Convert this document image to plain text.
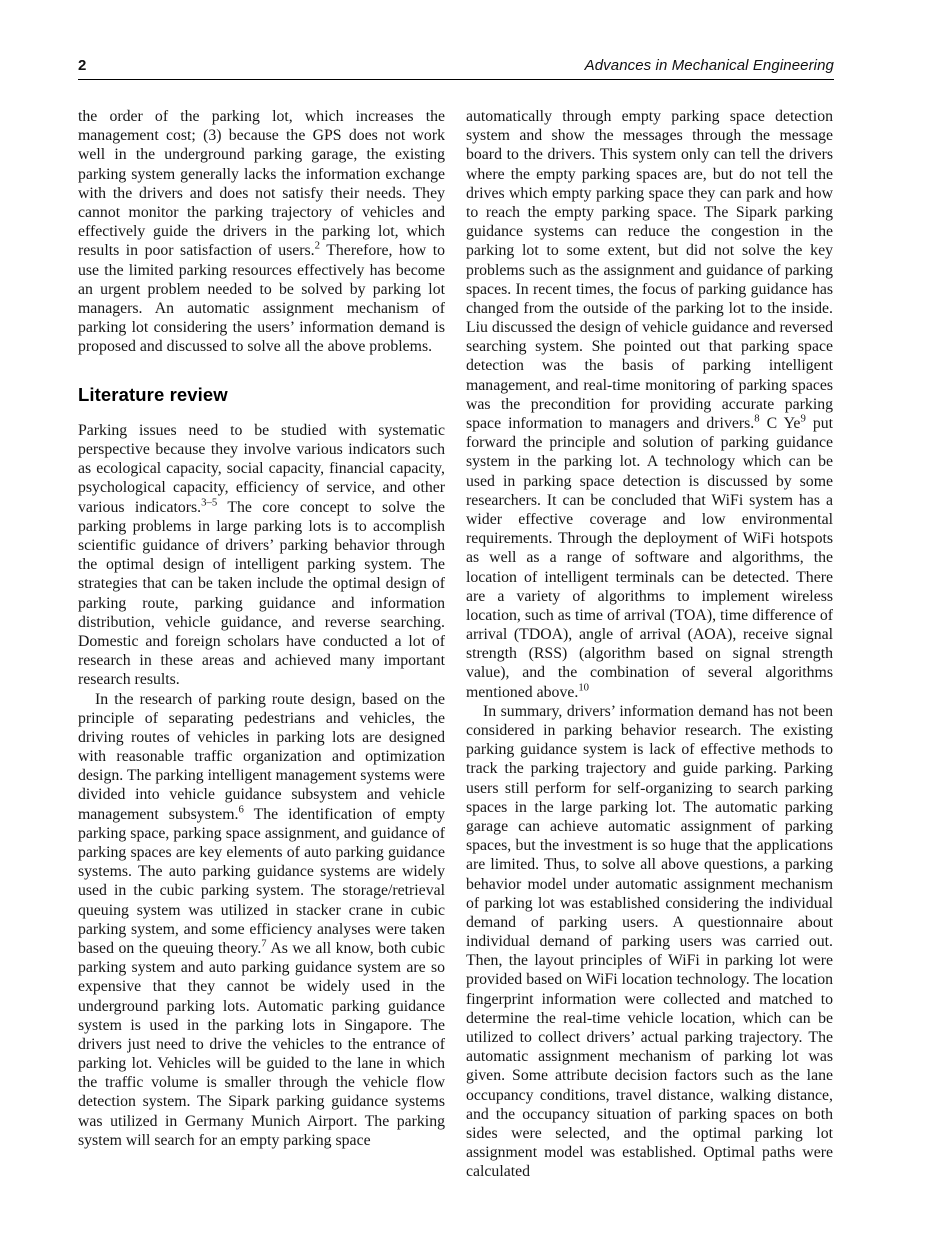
2	Advances in Mechanical Engineering

the order of the parking lot, which increases the management cost; (3) because the GPS does not work well in the underground parking garage, the existing parking system generally lacks the information exchange with the drivers and does not satisfy their needs. They cannot monitor the parking trajectory of vehicles and effectively guide the drivers in the parking lot, which results in poor satisfaction of users.$^2$ Therefore, how to use the limited parking resources effectively has become an urgent problem needed to be solved by parking lot managers. An automatic assignment mechanism of parking lot considering the users’ information demand is proposed and discussed to solve all the above problems.

Literature review

Parking issues need to be studied with systematic perspective because they involve various indicators such as ecological capacity, social capacity, financial capacity, psychological capacity, efficiency of service, and other various indicators.$^{3-5}$ The core concept to solve the parking problems in large parking lots is to accomplish scientific guidance of drivers’ parking behavior through the optimal design of intelligent parking system. The strategies that can be taken include the optimal design of parking route, parking guidance and information distribution, vehicle guidance, and reverse searching. Domestic and foreign scholars have conducted a lot of research in these areas and achieved many important research results.

In the research of parking route design, based on the principle of separating pedestrians and vehicles, the driving routes of vehicles in parking lots are designed with reasonable traffic organization and optimization design. The parking intelligent management systems were divided into vehicle guidance subsystem and vehicle management subsystem.$^6$ The identification of empty parking space, parking space assignment, and guidance of parking spaces are key elements of auto parking guidance systems. The auto parking guidance systems are widely used in the cubic parking system. The storage/retrieval queuing system was utilized in stacker crane in cubic parking system, and some efficiency analyses were taken based on the queuing theory.$^7$ As we all know, both cubic parking system and auto parking guidance system are so expensive that they cannot be widely used in the underground parking lots. Automatic parking guidance system is used in the parking lots in Singapore. The drivers just need to drive the vehicles to the entrance of parking lot. Vehicles will be guided to the lane in which the traffic volume is smaller through the vehicle flow detection system. The Sipark parking guidance systems was utilized in Germany Munich Airport. The parking system will search for an empty parking space

automatically through empty parking space detection system and show the messages through the message board to the drivers. This system only can tell the drivers where the empty parking spaces are, but do not tell the drives which empty parking space they can park and how to reach the empty parking space. The Sipark parking guidance systems can reduce the congestion in the parking lot to some extent, but did not solve the key problems such as the assignment and guidance of parking spaces. In recent times, the focus of parking guidance has changed from the outside of the parking lot to the inside. Liu discussed the design of vehicle guidance and reversed searching system. She pointed out that parking space detection was the basis of parking intelligent management, and real-time monitoring of parking spaces was the precondition for providing accurate parking space information to managers and drivers.$^8$ C Ye$^9$ put forward the principle and solution of parking guidance system in the parking lot. A technology which can be used in parking space detection is discussed by some researchers. It can be concluded that WiFi system has a wider effective coverage and low environmental requirements. Through the deployment of WiFi hotspots as well as a range of software and algorithms, the location of intelligent terminals can be detected. There are a variety of algorithms to implement wireless location, such as time of arrival (TOA), time difference of arrival (TDOA), angle of arrival (AOA), receive signal strength (RSS) (algorithm based on signal strength value), and the combination of several algorithms mentioned above.$^{10}$

In summary, drivers’ information demand has not been considered in parking behavior research. The existing parking guidance system is lack of effective methods to track the parking trajectory and guide parking. Parking users still perform for self-organizing to search parking spaces in the large parking lot. The automatic parking garage can achieve automatic assignment of parking spaces, but the investment is so huge that the applications are limited. Thus, to solve all above questions, a parking behavior model under automatic assignment mechanism of parking lot was established considering the individual demand of parking users. A questionnaire about individual demand of parking users was carried out. Then, the layout principles of WiFi in parking lot were provided based on WiFi location technology. The location fingerprint information were collected and matched to determine the real-time vehicle location, which can be utilized to collect drivers’ actual parking trajectory. The automatic assignment mechanism of parking lot was given. Some attribute decision factors such as the lane occupancy conditions, travel distance, walking distance, and the occupancy situation of parking spaces on both sides were selected, and the optimal parking lot assignment model was established. Optimal paths were calculated
